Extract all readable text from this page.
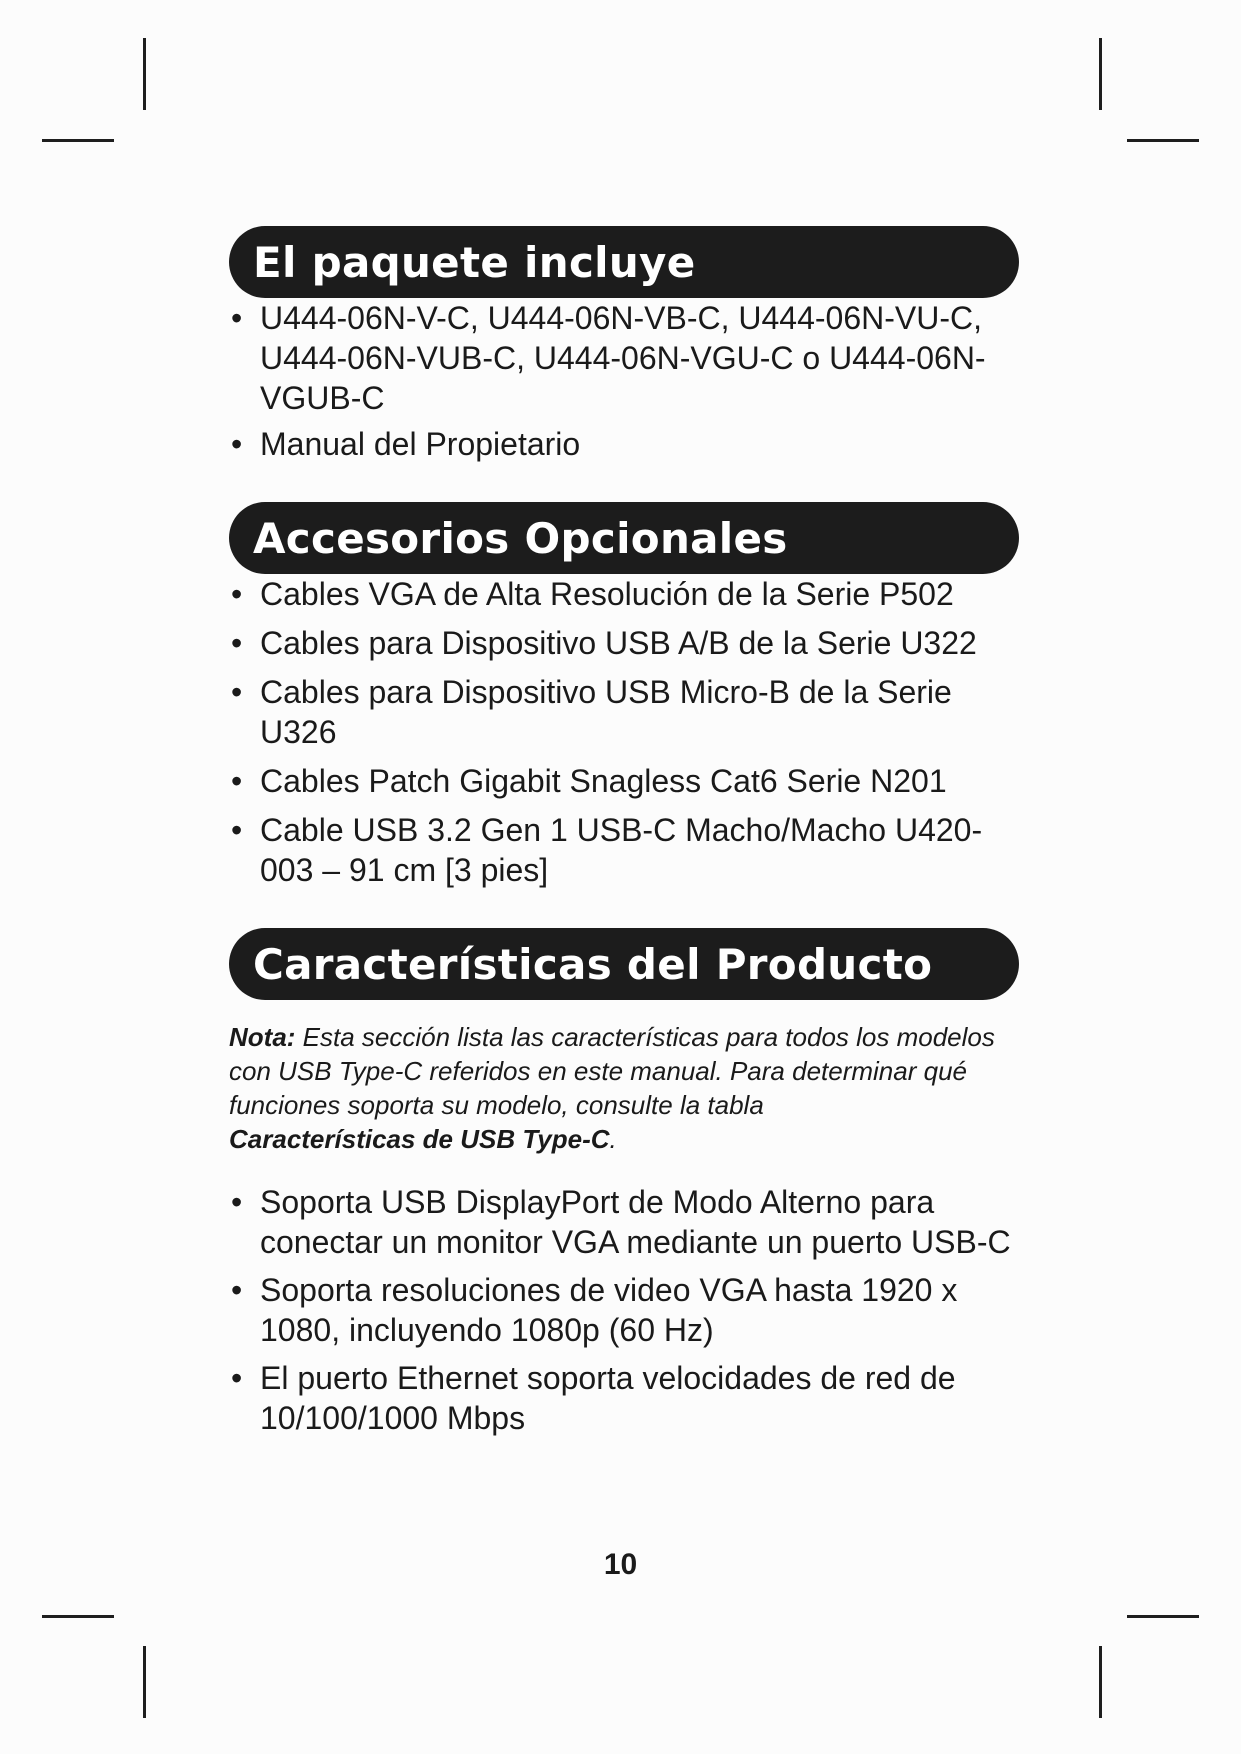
El paquete incluye
• U444-06N-V-C, U444-06N-VB-C, U444-06N-VU-C, U444-06N-VUB-C, U444-06N-VGU-C o U444-06N-VGUB-C
• Manual del Propietario
Accesorios Opcionales
• Cables VGA de Alta Resolución de la Serie P502
• Cables para Dispositivo USB A/B de la Serie U322
• Cables para Dispositivo USB Micro-B de la Serie U326
• Cables Patch Gigabit Snagless Cat6 Serie N201
• Cable USB 3.2 Gen 1 USB-C Macho/Macho U420-003 – 91 cm [3 pies]
Características del Producto

Nota: Esta sección lista las características para todos los modelos con USB Type-C referidos en este manual. Para determinar qué funciones soporta su modelo, consulte la tabla
Características de USB Type-C.

• Soporta USB DisplayPort de Modo Alterno para conectar un monitor VGA mediante un puerto USB-C
• Soporta resoluciones de video VGA hasta 1920 x 1080, incluyendo 1080p (60 Hz)
• El puerto Ethernet soporta velocidades de red de 10/100/1000 Mbps
10
